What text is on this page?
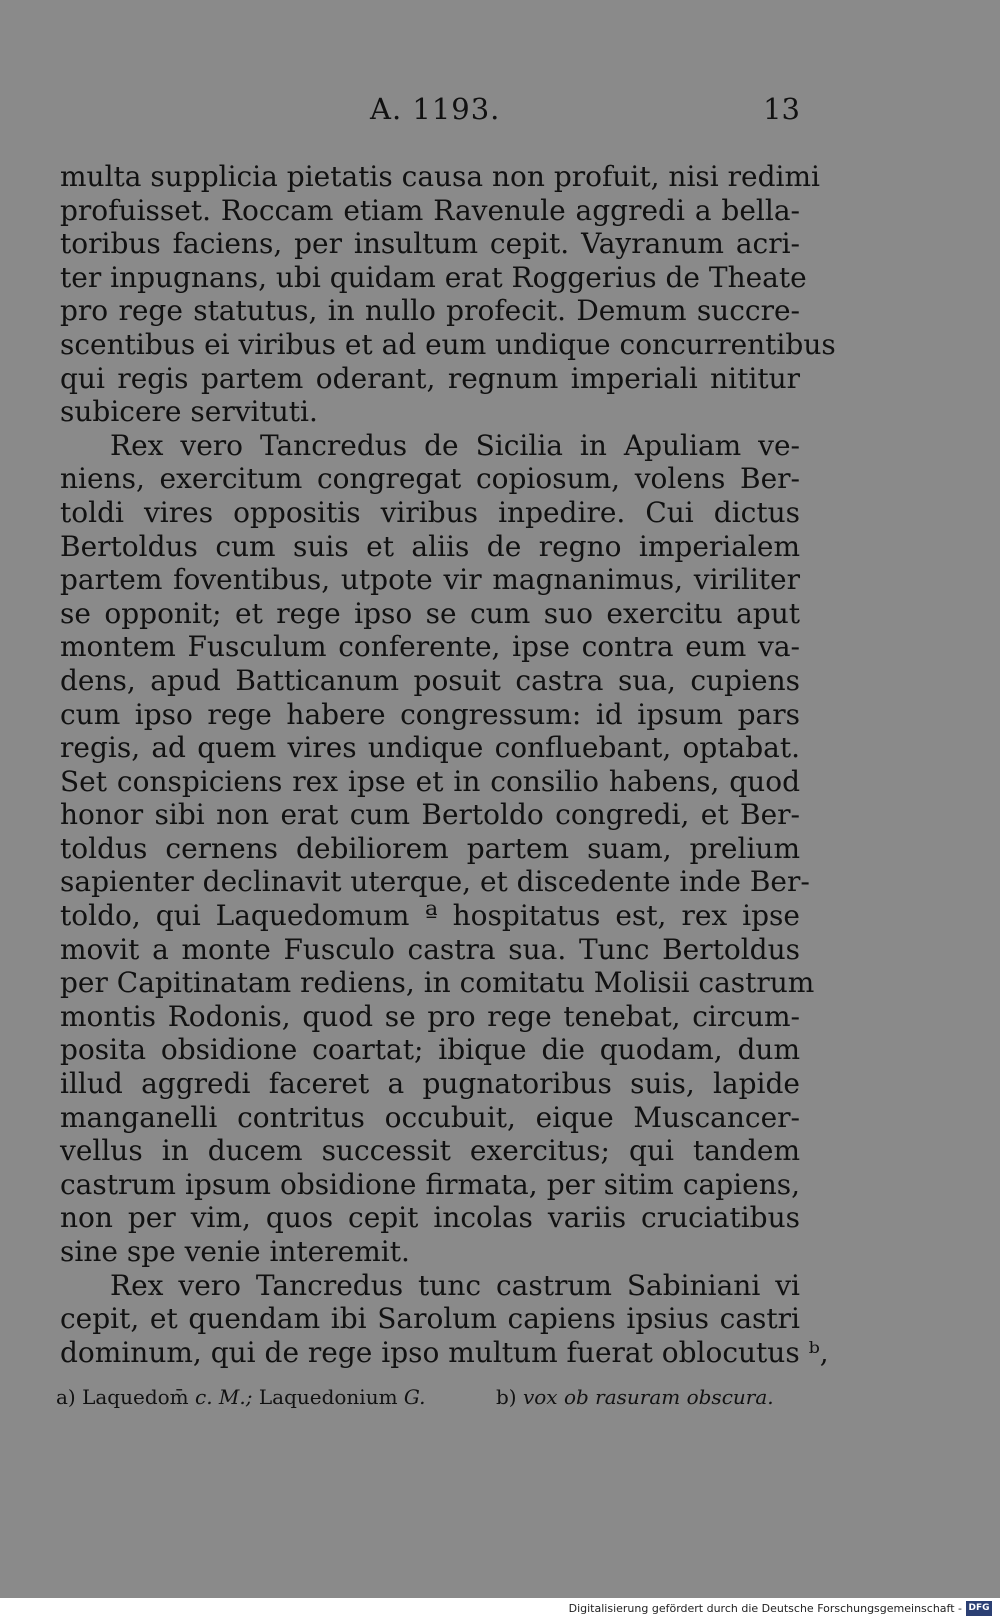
A. 1193.	13
multa supplicia pietatis causa non profuit, nisi redimi
profuisset. Roccam etiam Ravenule aggredi a bella-
toribus faciens, per insultum cepit. Vayranum acri-
ter inpugnans, ubi quidam erat Roggerius de Theate
pro rege statutus, in nullo profecit. Demum succre-
scentibus ei viribus et ad eum undique concurrentibus
qui regis partem oderant, regnum imperiali nititur
subicere servituti.
Rex vero Tancredus de Sicilia in Apuliam ve-
niens, exercitum congregat copiosum, volens Ber-
toldi vires oppositis viribus inpedire. Cui dictus
Bertoldus cum suis et aliis de regno imperialem
partem foventibus, utpote vir magnanimus, viriliter
se opponit; et rege ipso se cum suo exercitu aput
montem Fusculum conferente, ipse contra eum va-
dens, apud Batticanum posuit castra sua, cupiens
cum ipso rege habere congressum: id ipsum pars
regis, ad quem vires undique confluebant, optabat.
Set conspiciens rex ipse et in consilio habens, quod
honor sibi non erat cum Bertoldo congredi, et Ber-
toldus cernens debiliorem partem suam, prelium
sapienter declinavit uterque, et discedente inde Ber-
toldo, qui Laquedomum ª hospitatus est, rex ipse
movit a monte Fusculo castra sua. Tunc Bertoldus
per Capitinatam rediens, in comitatu Molisii castrum
montis Rodonis, quod se pro rege tenebat, circum-
posita obsidione coartat; ibique die quodam, dum
illud aggredi faceret a pugnatoribus suis, lapide
manganelli contritus occubuit, eique Muscancer-
vellus in ducem successit exercitus; qui tandem
castrum ipsum obsidione firmata, per sitim capiens,
non per vim, quos cepit incolas variis cruciatibus
sine spe venie interemit.
Rex vero Tancredus tunc castrum Sabiniani vi
cepit, et quendam ibi Sarolum capiens ipsius castri
dominum, qui de rege ipso multum fuerat oblocutus ᵇ,
a) Laquedom̄ c. M.; Laquedonium G.	b) vox ob rasuram obscura.
Digitalisierung gefördert durch die Deutsche Forschungsgemeinschaft - DFG
